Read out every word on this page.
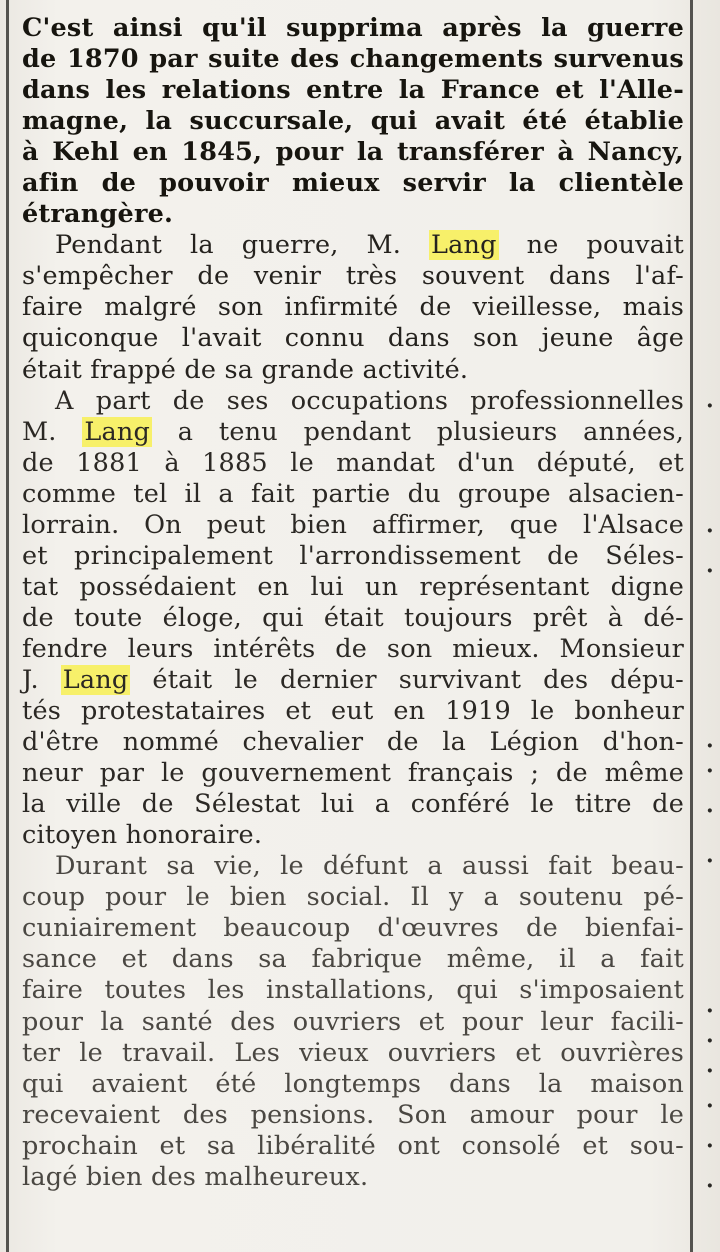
·
·
·
·
·
·
·
·
·
·
·
·
·
C'est ainsi qu'il supprima après la guerre
de 1870 par suite des changements survenus
dans les relations entre la France et l'Alle-
magne, la succursale, qui avait été établie
à Kehl en 1845, pour la transférer à Nancy,
afin de pouvoir mieux servir la clientèle
étrangère.
Pendant la guerre, M. Lang ne pouvait
s'empêcher de venir très souvent dans l'af-
faire malgré son infirmité de vieillesse, mais
quiconque l'avait connu dans son jeune âge
était frappé de sa grande activité.
A part de ses occupations professionnelles
M. Lang a tenu pendant plusieurs années,
de 1881 à 1885 le mandat d'un député, et
comme tel il a fait partie du groupe alsacien-
lorrain. On peut bien affirmer, que l'Alsace
et principalement l'arrondissement de Séles-
tat possédaient en lui un représentant digne
de toute éloge, qui était toujours prêt à dé-
fendre leurs intérêts de son mieux. Monsieur
J. Lang était le dernier survivant des dépu-
tés protestataires et eut en 1919 le bonheur
d'être nommé chevalier de la Légion d'hon-
neur par le gouvernement français ; de même
la ville de Sélestat lui a conféré le titre de
citoyen honoraire.
Durant sa vie, le défunt a aussi fait beau-
coup pour le bien social. Il y a soutenu pé-
cuniairement beaucoup d'œuvres de bienfai-
sance et dans sa fabrique même, il a fait
faire toutes les installations, qui s'imposaient
pour la santé des ouvriers et pour leur facili-
ter le travail. Les vieux ouvriers et ouvrières
qui avaient été longtemps dans la maison
recevaient des pensions. Son amour pour le
prochain et sa libéralité ont consolé et sou-
lagé bien des malheureux.
